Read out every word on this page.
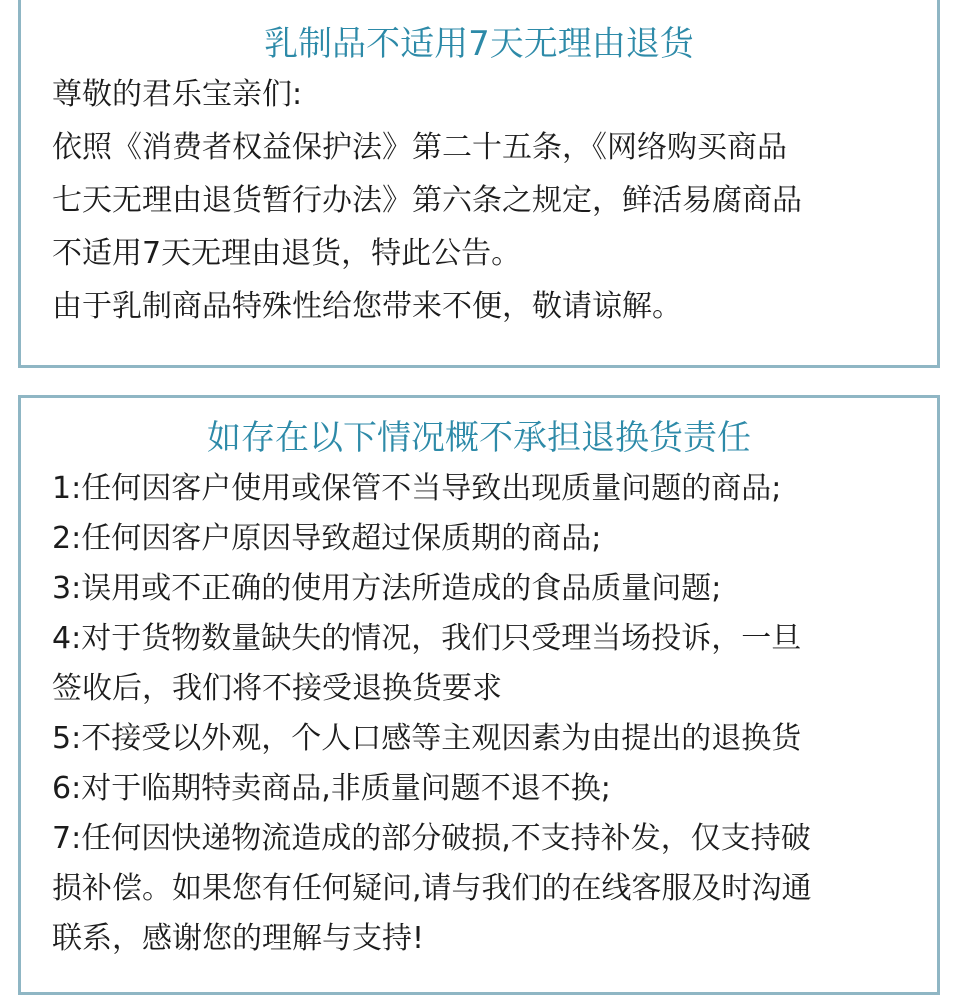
乳制品不适用7天无理由退货
尊敬的君乐宝亲们:
依照《消费者权益保护法》第二十五条，《网络购买商品
七天无理由退货暂行办法》第六条之规定，鲜活易腐商品
不适用7天无理由退货，特此公告。
由于乳制商品特殊性给您带来不便，敬请谅解。
如存在以下情况概不承担退换货责任
1:任何因客户使用或保管不当导致出现质量问题的商品;
2:任何因客户原因导致超过保质期的商品;
3:误用或不正确的使用方法所造成的食品质量问题;
4:对于货物数量缺失的情况，我们只受理当场投诉，一旦
签收后，我们将不接受退换货要求
5:不接受以外观，个人口感等主观因素为由提出的退换货
6:对于临期特卖商品,非质量问题不退不换;
7:任何因快递物流造成的部分破损,不支持补发，仅支持破
损补偿。如果您有任何疑问,请与我们的在线客服及时沟通
联系，感谢您的理解与支持!
